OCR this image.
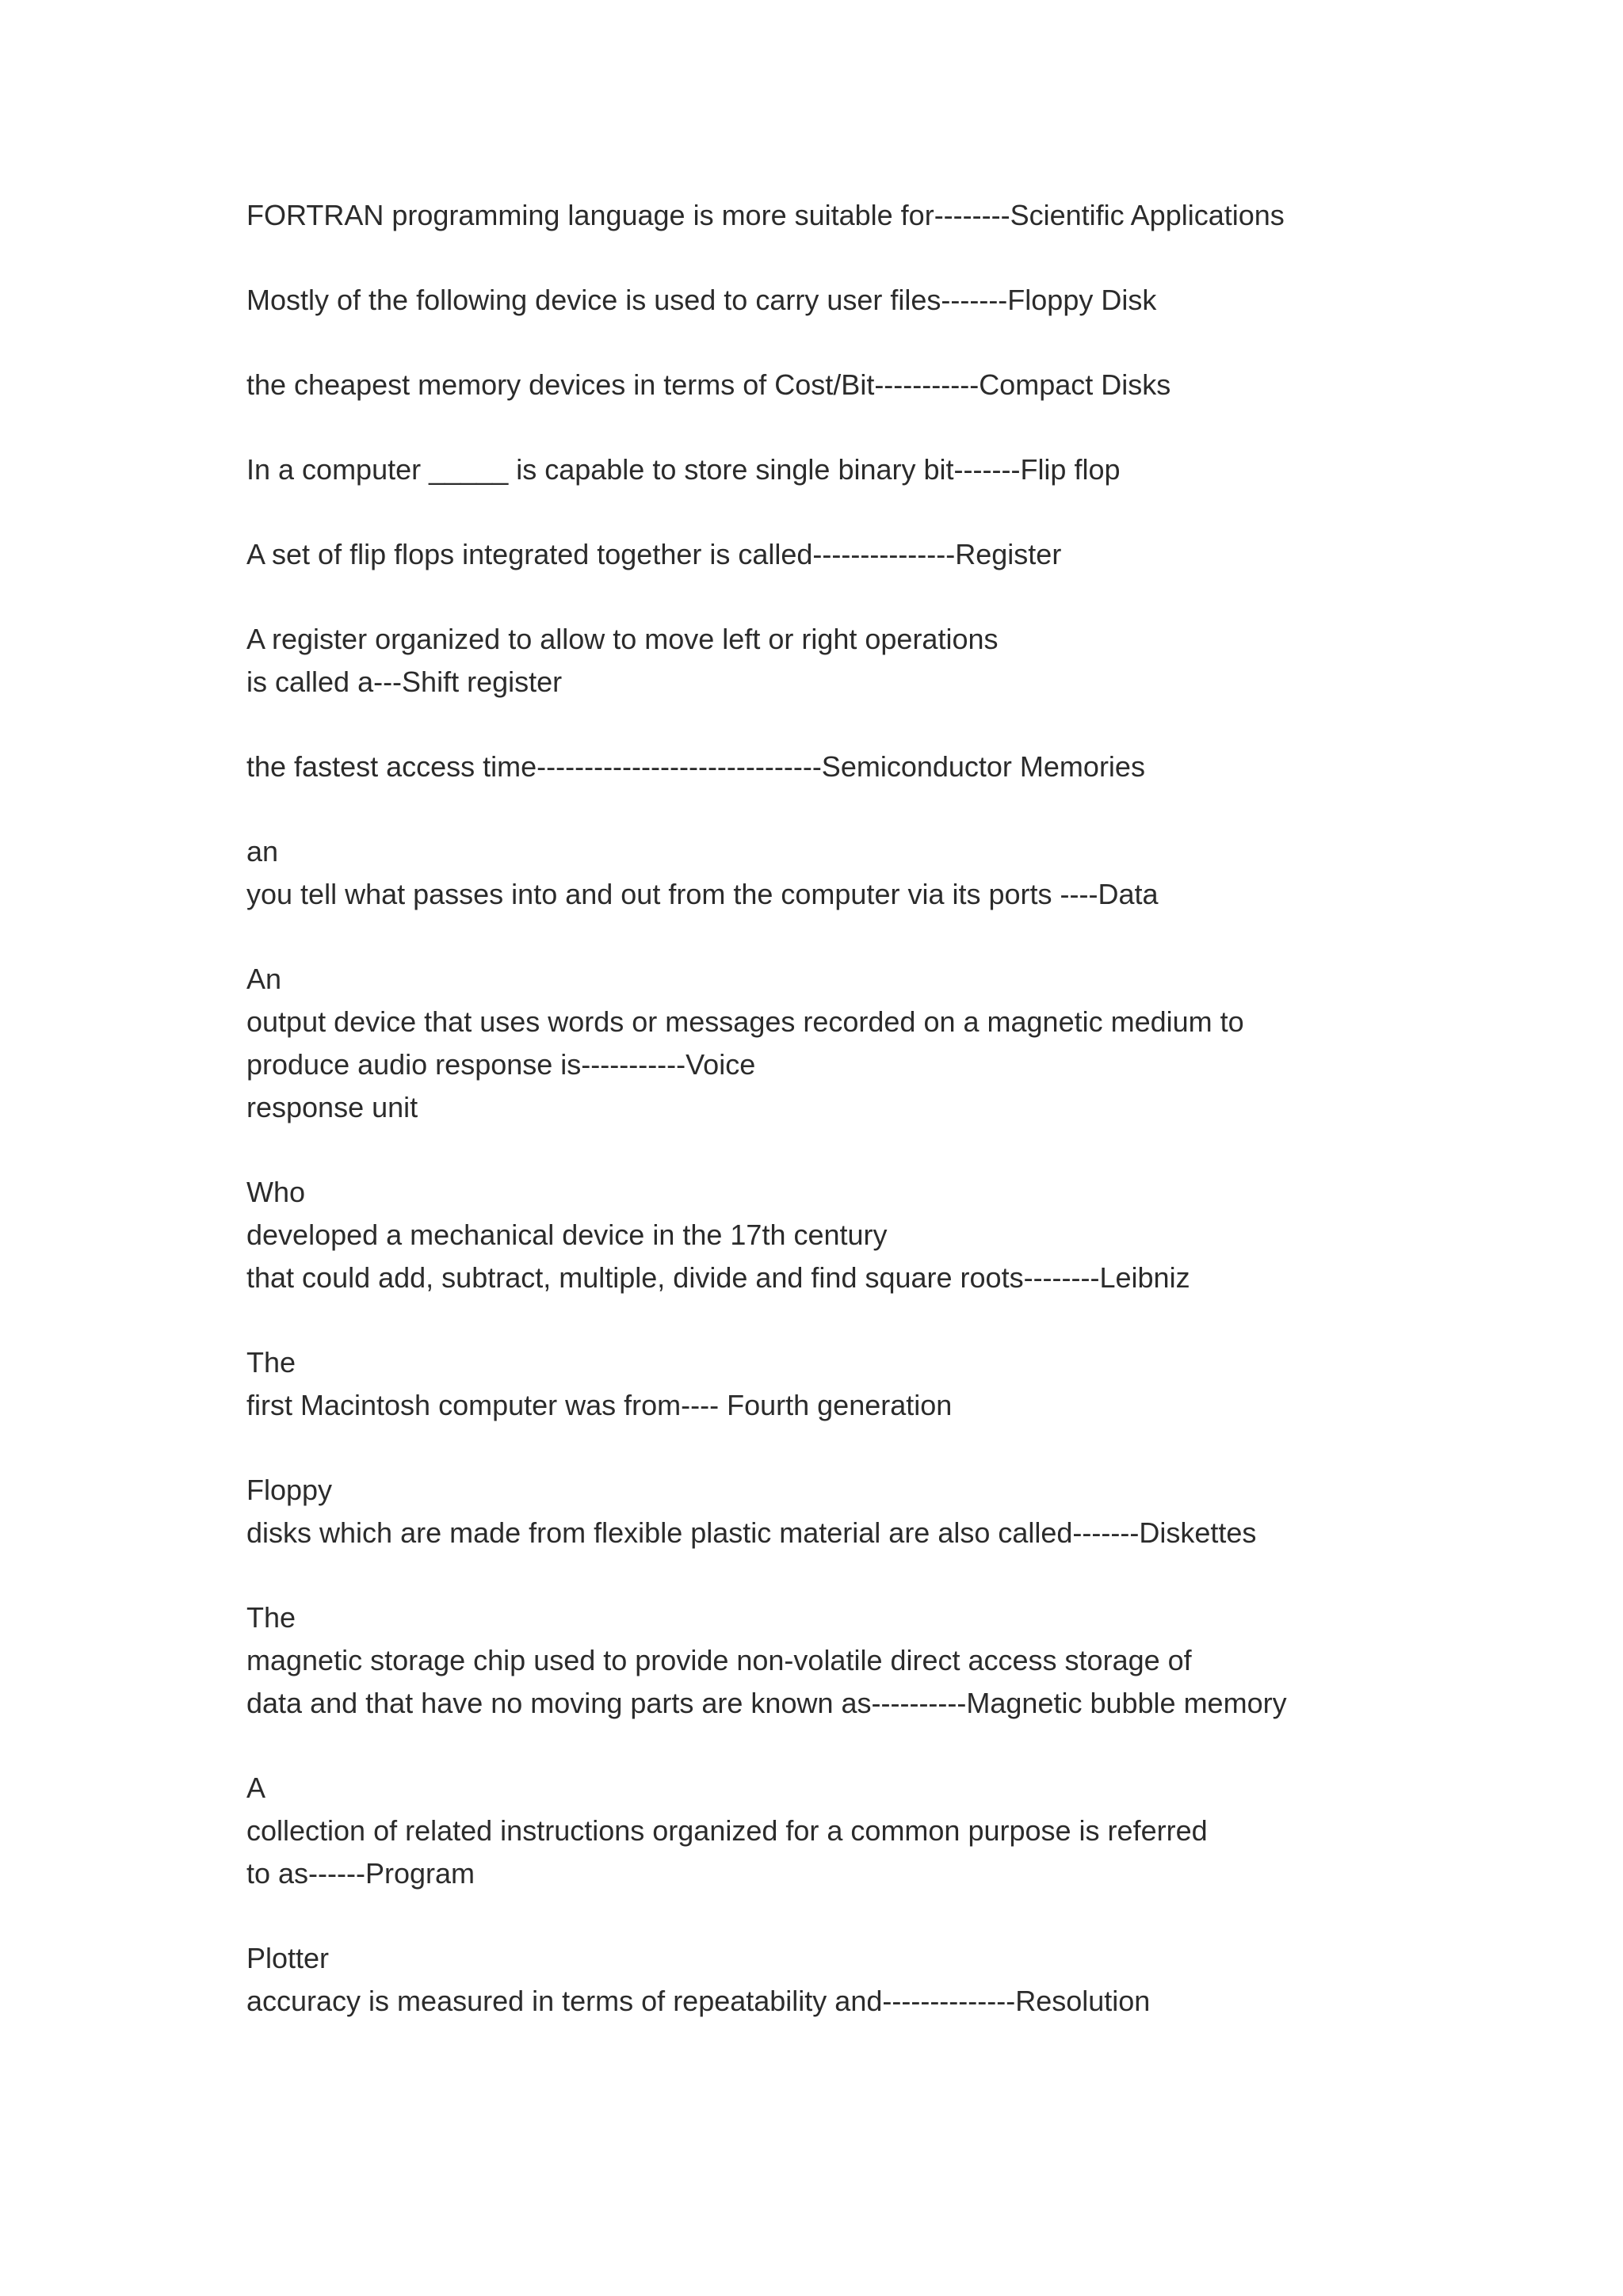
FORTRAN programming language is more suitable for--------Scientific Applications
Mostly of the following device is used to carry user files-------Floppy Disk
the cheapest memory devices in terms of Cost/Bit-----------Compact Disks
In a computer _____ is capable to store single binary bit-------Flip flop
A set of flip flops integrated together is called---------------Register
A register organized to allow to move left or right operations
is called a---Shift register
the fastest access time------------------------------Semiconductor Memories
an
you tell what passes into and out from the computer via its ports ----Data
An
output device that uses words or messages recorded on a magnetic medium to
produce audio response is-----------Voice
response unit
Who
developed a mechanical device in the 17th century
that could add, subtract, multiple, divide and find square roots--------Leibniz
The
first Macintosh computer was from---- Fourth generation
Floppy
disks which are made from flexible plastic material are also called-------Diskettes
The
magnetic storage chip used to provide non-volatile direct access storage of
data and that have no moving parts are known as----------Magnetic bubble memory
A
collection of related instructions organized for a common purpose is referred
to as------Program
Plotter
accuracy is measured in terms of repeatability and--------------Resolution
